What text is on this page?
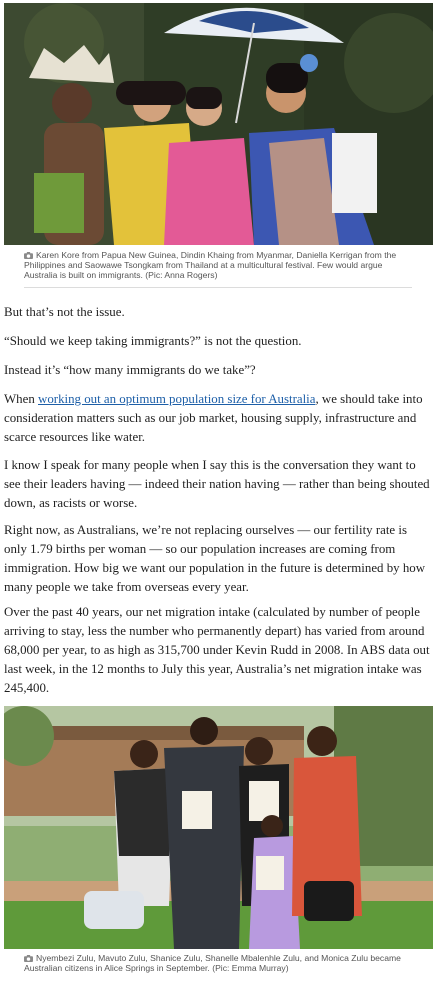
Karen Kore from Papua New Guinea, Dindin Khaing from Myanmar, Daniella Kerrigan from the Philippines and Saowawe Tsongkam from Thailand at a multicultural festival. Few would argue Australia is built on immigrants. (Pic: Anna Rogers)

But that’s not the issue.

“Should we keep taking immigrants?” is not the question.

Instead it’s “how many immigrants do we take”?

When working out an optimum population size for Australia, we should take into consideration matters such as our job market, housing supply, infrastructure and scarce resources like water.

I know I speak for many people when I say this is the conversation they want to see their leaders having — indeed their nation having — rather than being shouted down, as racists or worse.

Right now, as Australians, we’re not replacing ourselves — our fertility rate is only 1.79 births per woman — so our population increases are coming from immigration. How big we want our population in the future is determined by how many people we take from overseas every year.

Over the past 40 years, our net migration intake (calculated by number of people arriving to stay, less the number who permanently depart) has varied from around 68,000 per year, to as high as 315,700 under Kevin Rudd in 2008. In ABS data out last week, in the 12 months to July this year, Australia’s net migration intake was 245,400.

Nyembezi Zulu, Mavuto Zulu, Shanice Zulu, Shanelle Mbalenhle Zulu, and Monica Zulu became Australian citizens in Alice Springs in September. (Pic: Emma Murray)
